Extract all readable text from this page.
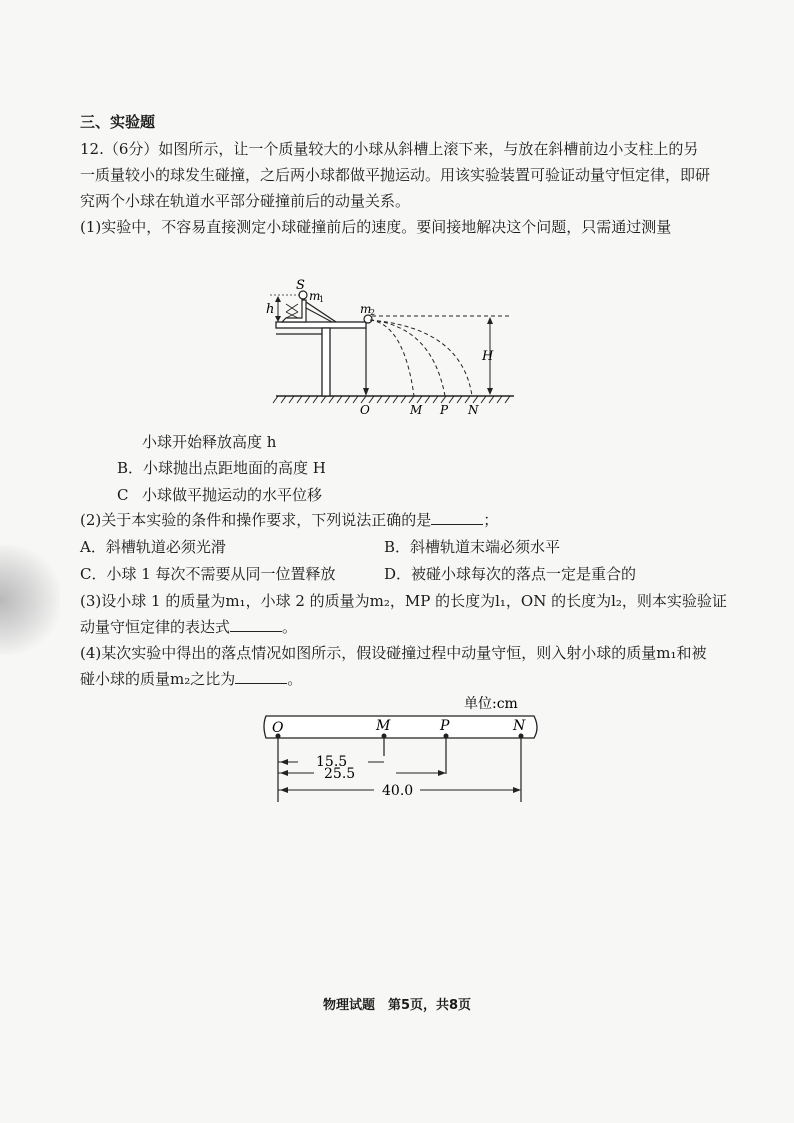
三、实验题
12.（6分）如图所示，让一个质量较大的小球从斜槽上滚下来，与放在斜槽前边小支柱上的另
一质量较小的球发生碰撞，之后两小球都做平抛运动。用该实验装置可验证动量守恒定律，即研
究两个小球在轨道水平部分碰撞前后的动量关系。
(1)实验中，不容易直接测定小球碰撞前后的速度。要间接地解决这个问题，只需通过测量
S
m
1
m
2
h
H
O	M P N
小球开始释放高度 h
B．小球抛出点距地面的高度 H
C 小球做平抛运动的水平位移
(2)关于本实验的条件和操作要求，下列说法正确的是	；
A．斜槽轨道必须光滑	B．斜槽轨道末端必须水平
C．小球 1 每次不需要从同一位置释放	D．被碰小球每次的落点一定是重合的
(3)设小球 1 的质量为m₁，小球 2 的质量为m₂，MP 的长度为l₁，ON 的长度为l₂，则本实验验证
动量守恒定律的表达式	。
(4)某次实验中得出的落点情况如图所示，假设碰撞过程中动量守恒，则入射小球的质量m₁和被
碰小球的质量m₂之比为	。
单位:cm
O	M	P	N
15.5
25.5
40.0
物理试题　第5页，共8页
